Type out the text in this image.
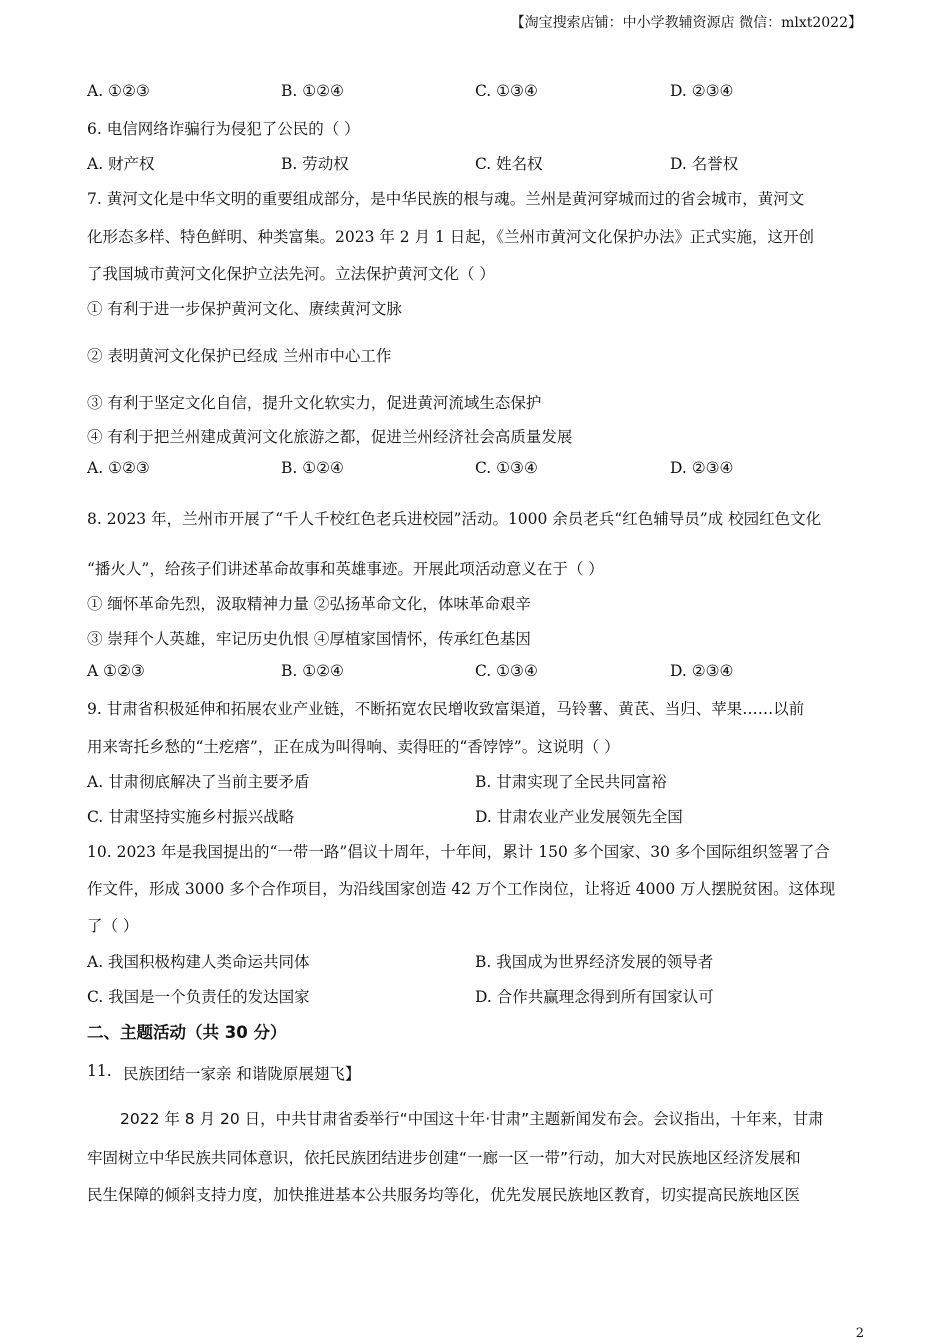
【淘宝搜索店铺：中小学教辅资源店 微信：mlxt2022】
A. ①②③	B. ①②④	C. ①③④	D. ②③④
6. 电信网络诈骗行为侵犯了公民的（ ）
A. 财产权	B. 劳动权	C. 姓名权	D. 名誉权
7. 黄河文化是中华文明的重要组成部分，是中华民族的根与魂。兰州是黄河穿城而过的省会城市，黄河文
化形态多样、特色鲜明、种类富集。2023 年 2 月 1 日起，《兰州市黄河文化保护办法》正式实施，这开创
了我国城市黄河文化保护立法先河。立法保护黄河文化（ ）
① 有利于进一步保护黄河文化、赓续黄河文脉
② 表明黄河文化保护已经成 兰州市中心工作
③ 有利于坚定文化自信，提升文化软实力，促进黄河流域生态保护
④ 有利于把兰州建成黄河文化旅游之都，促进兰州经济社会高质量发展
A. ①②③	B. ①②④	C. ①③④	D. ②③④
8. 2023 年，兰州市开展了“千人千校红色老兵进校园”活动。1000 余员老兵“红色辅导员”成 校园红色文化
“播火人”，给孩子们讲述革命故事和英雄事迹。开展此项活动意义在于（ ）
① 缅怀革命先烈，汲取精神力量 ②弘扬革命文化，体味革命艰辛
③ 崇拜个人英雄，牢记历史仇恨 ④厚植家国情怀，传承红色基因
A ①②③	B. ①②④	C. ①③④	D. ②③④
9. 甘肃省积极延伸和拓展农业产业链，不断拓宽农民增收致富渠道，马铃薯、黄芪、当归、苹果……以前
用来寄托乡愁的“土疙瘩”，正在成为叫得响、卖得旺的“香饽饽”。这说明（ ）
A. 甘肃彻底解决了当前主要矛盾	B. 甘肃实现了全民共同富裕
C. 甘肃坚持实施乡村振兴战略	D. 甘肃农业产业发展领先全国
10. 2023 年是我国提出的“一带一路”倡议十周年，十年间，累计 150 多个国家、30 多个国际组织签署了合
作文件，形成 3000 多个合作项目，为沿线国家创造 42 万个工作岗位，让将近 4000 万人摆脱贫困。这体现
了（ ）
A. 我国积极构建人类命运共同体	B. 我国成为世界经济发展的领导者
C. 我国是一个负责任的发达国家	D. 合作共赢理念得到所有国家认可
二、主题活动（共 30 分）
11. 民族团结一家亲 和谐陇原展翅飞】
2022 年 8 月 20 日，中共甘肃省委举行“中国这十年·甘肃”主题新闻发布会。会议指出，十年来，甘肃
牢固树立中华民族共同体意识，依托民族团结进步创建“一廊一区一带”行动，加大对民族地区经济发展和
民生保障的倾斜支持力度，加快推进基本公共服务均等化，优先发展民族地区教育，切实提高民族地区医
2
